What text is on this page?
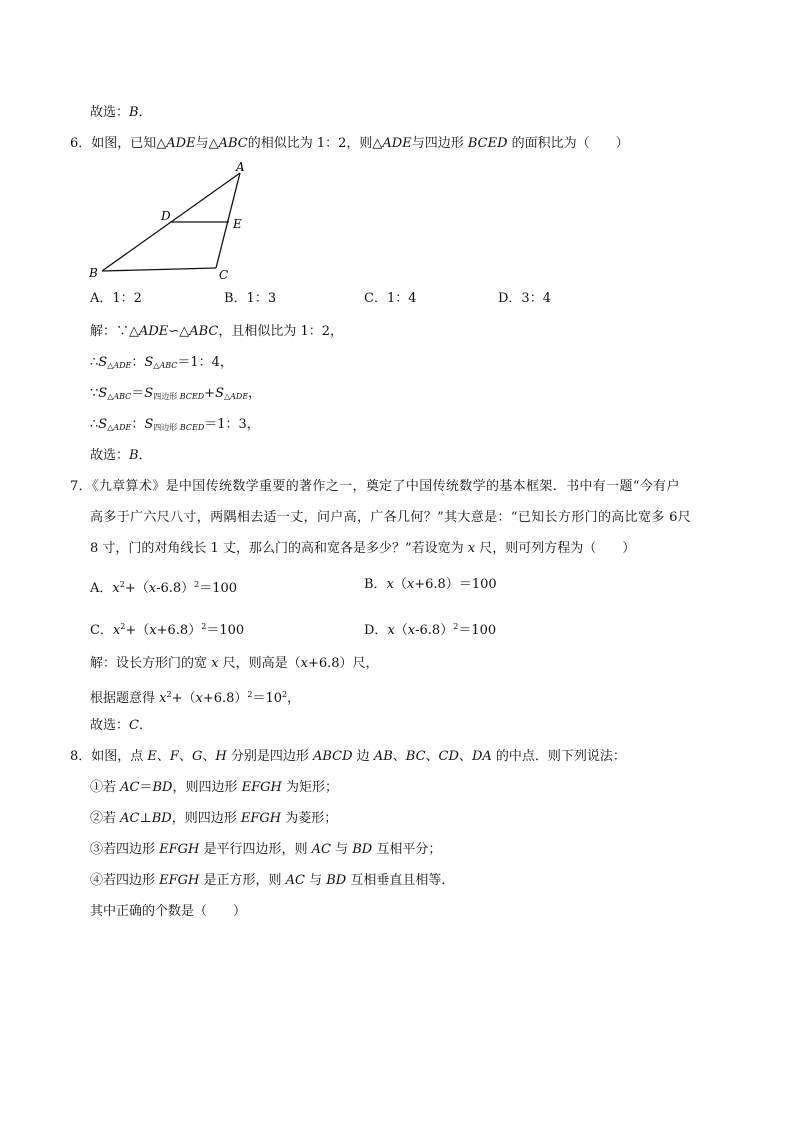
故选：B．
6．如图，已知△ADE与△ABC的相似比为 1：2，则△ADE与四边形 BCED 的面积比为（　　）
A
D
E
B	C
A．1：2	B．1：3	C．1：4	D．3：4
解：∵△ADE∽△ABC，且相似比为 1：2，
$\therefore S_{\triangle ADE}$：$S_{\triangle ABC}=1$：4，
$\because S_{\triangle ABC}=S_{四边形 BCED}+S_{\triangle ADE}$，
$\therefore S_{\triangle ADE}$：$S_{四边形 BCED}=1$：3，
故选：B．
7．《九章算术》是中国传统数学重要的著作之一，奠定了中国传统数学的基本框架．书中有一题“今有户
高多于广六尺八寸，两隅相去适一丈，问户高，广各几何？”其大意是：“已知长方形门的高比宽多 6尺
8 寸，门的对角线长 1 丈，那么门的高和宽各是多少？”若设宽为 x 尺，则可列方程为（　　）
A．$x^2+(x-6.8)^2=100$	B．x（x+6.8）＝100
C．$x^2+(x+6.8)^2=100$	D．$x(x-6.8)^2=100$
解：设长方形门的宽 x 尺，则高是（x+6.8）尺，
根据题意得 $x^2+(x+6.8)^2=10^2$，
故选：C．
8．如图，点 E、F、G、H 分别是四边形 ABCD 边 AB、BC、CD、DA 的中点．则下列说法：
①若 AC＝BD，则四边形 EFGH 为矩形；
②若 AC⊥BD，则四边形 EFGH 为菱形；
③若四边形 EFGH 是平行四边形，则 AC 与 BD 互相平分；
④若四边形 EFGH 是正方形，则 AC 与 BD 互相垂直且相等．
其中正确的个数是（　　）
